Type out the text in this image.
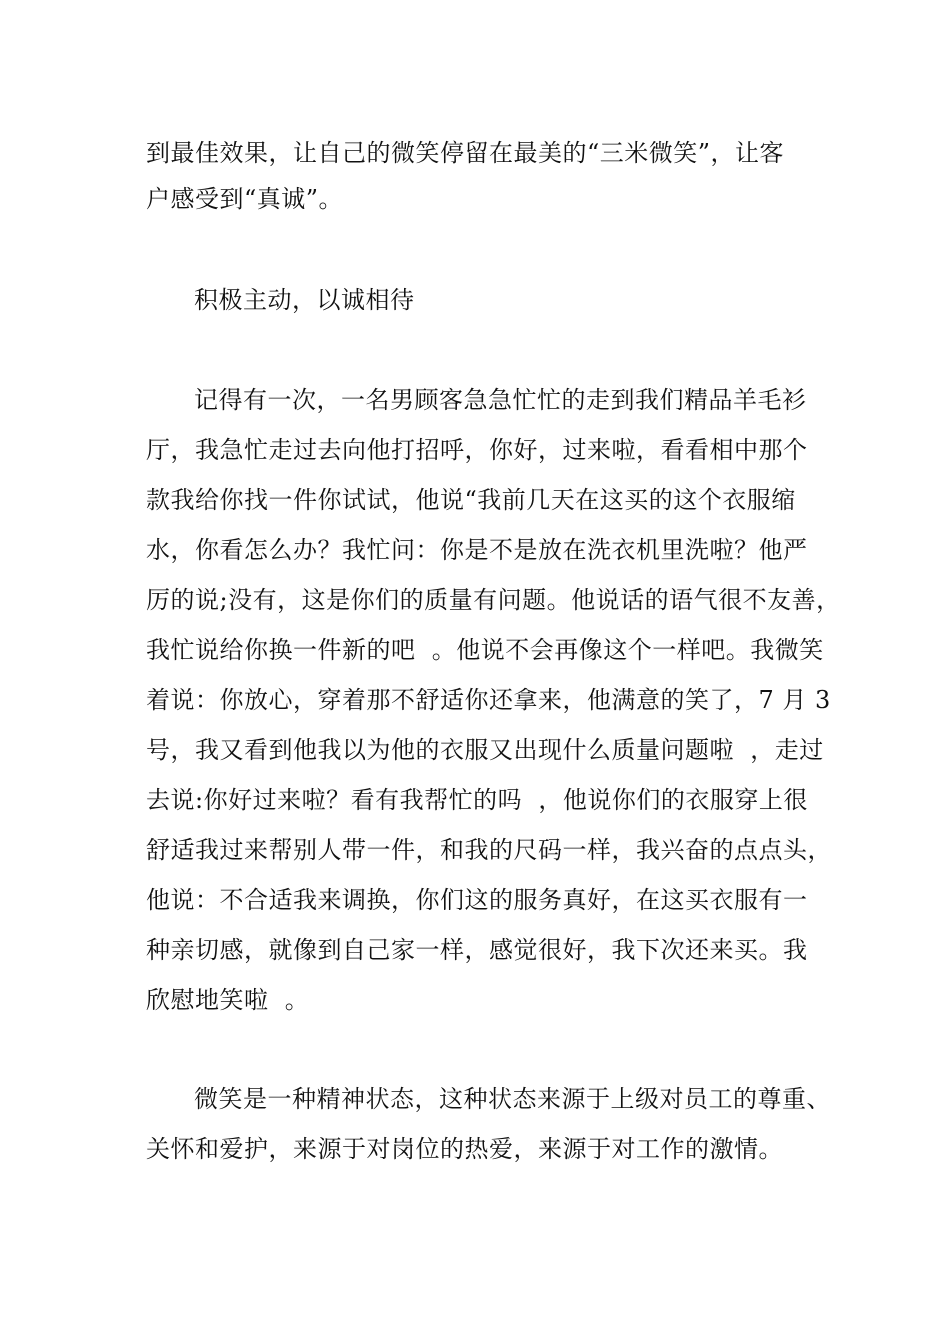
到最佳效果，让自己的微笑停留在最美的“三米微笑”，让客
户感受到“真诚”。
积极主动，以诚相待
记得有一次，一名男顾客急急忙忙的走到我们精品羊毛衫
厅，我急忙走过去向他打招呼，你好，过来啦，看看相中那个
款我给你找一件你试试，他说“我前几天在这买的这个衣服缩
水，你看怎么办？我忙问：你是不是放在洗衣机里洗啦？他严
厉的说;没有，这是你们的质量有问题。他说话的语气很不友善，
我忙说给你换一件新的吧  。他说不会再像这个一样吧。我微笑
着说：你放心，穿着那不舒适你还拿来，他满意的笑了，7 月 3
号，我又看到他我以为他的衣服又出现什么质量问题啦  ，走过
去说:你好过来啦？看有我帮忙的吗  ，他说你们的衣服穿上很
舒适我过来帮别人带一件，和我的尺码一样，我兴奋的点点头，
他说：不合适我来调换，你们这的服务真好，在这买衣服有一
种亲切感，就像到自己家一样，感觉很好，我下次还来买。我
欣慰地笑啦  。
微笑是一种精神状态，这种状态来源于上级对员工的尊重、
关怀和爱护，来源于对岗位的热爱，来源于对工作的激情。
